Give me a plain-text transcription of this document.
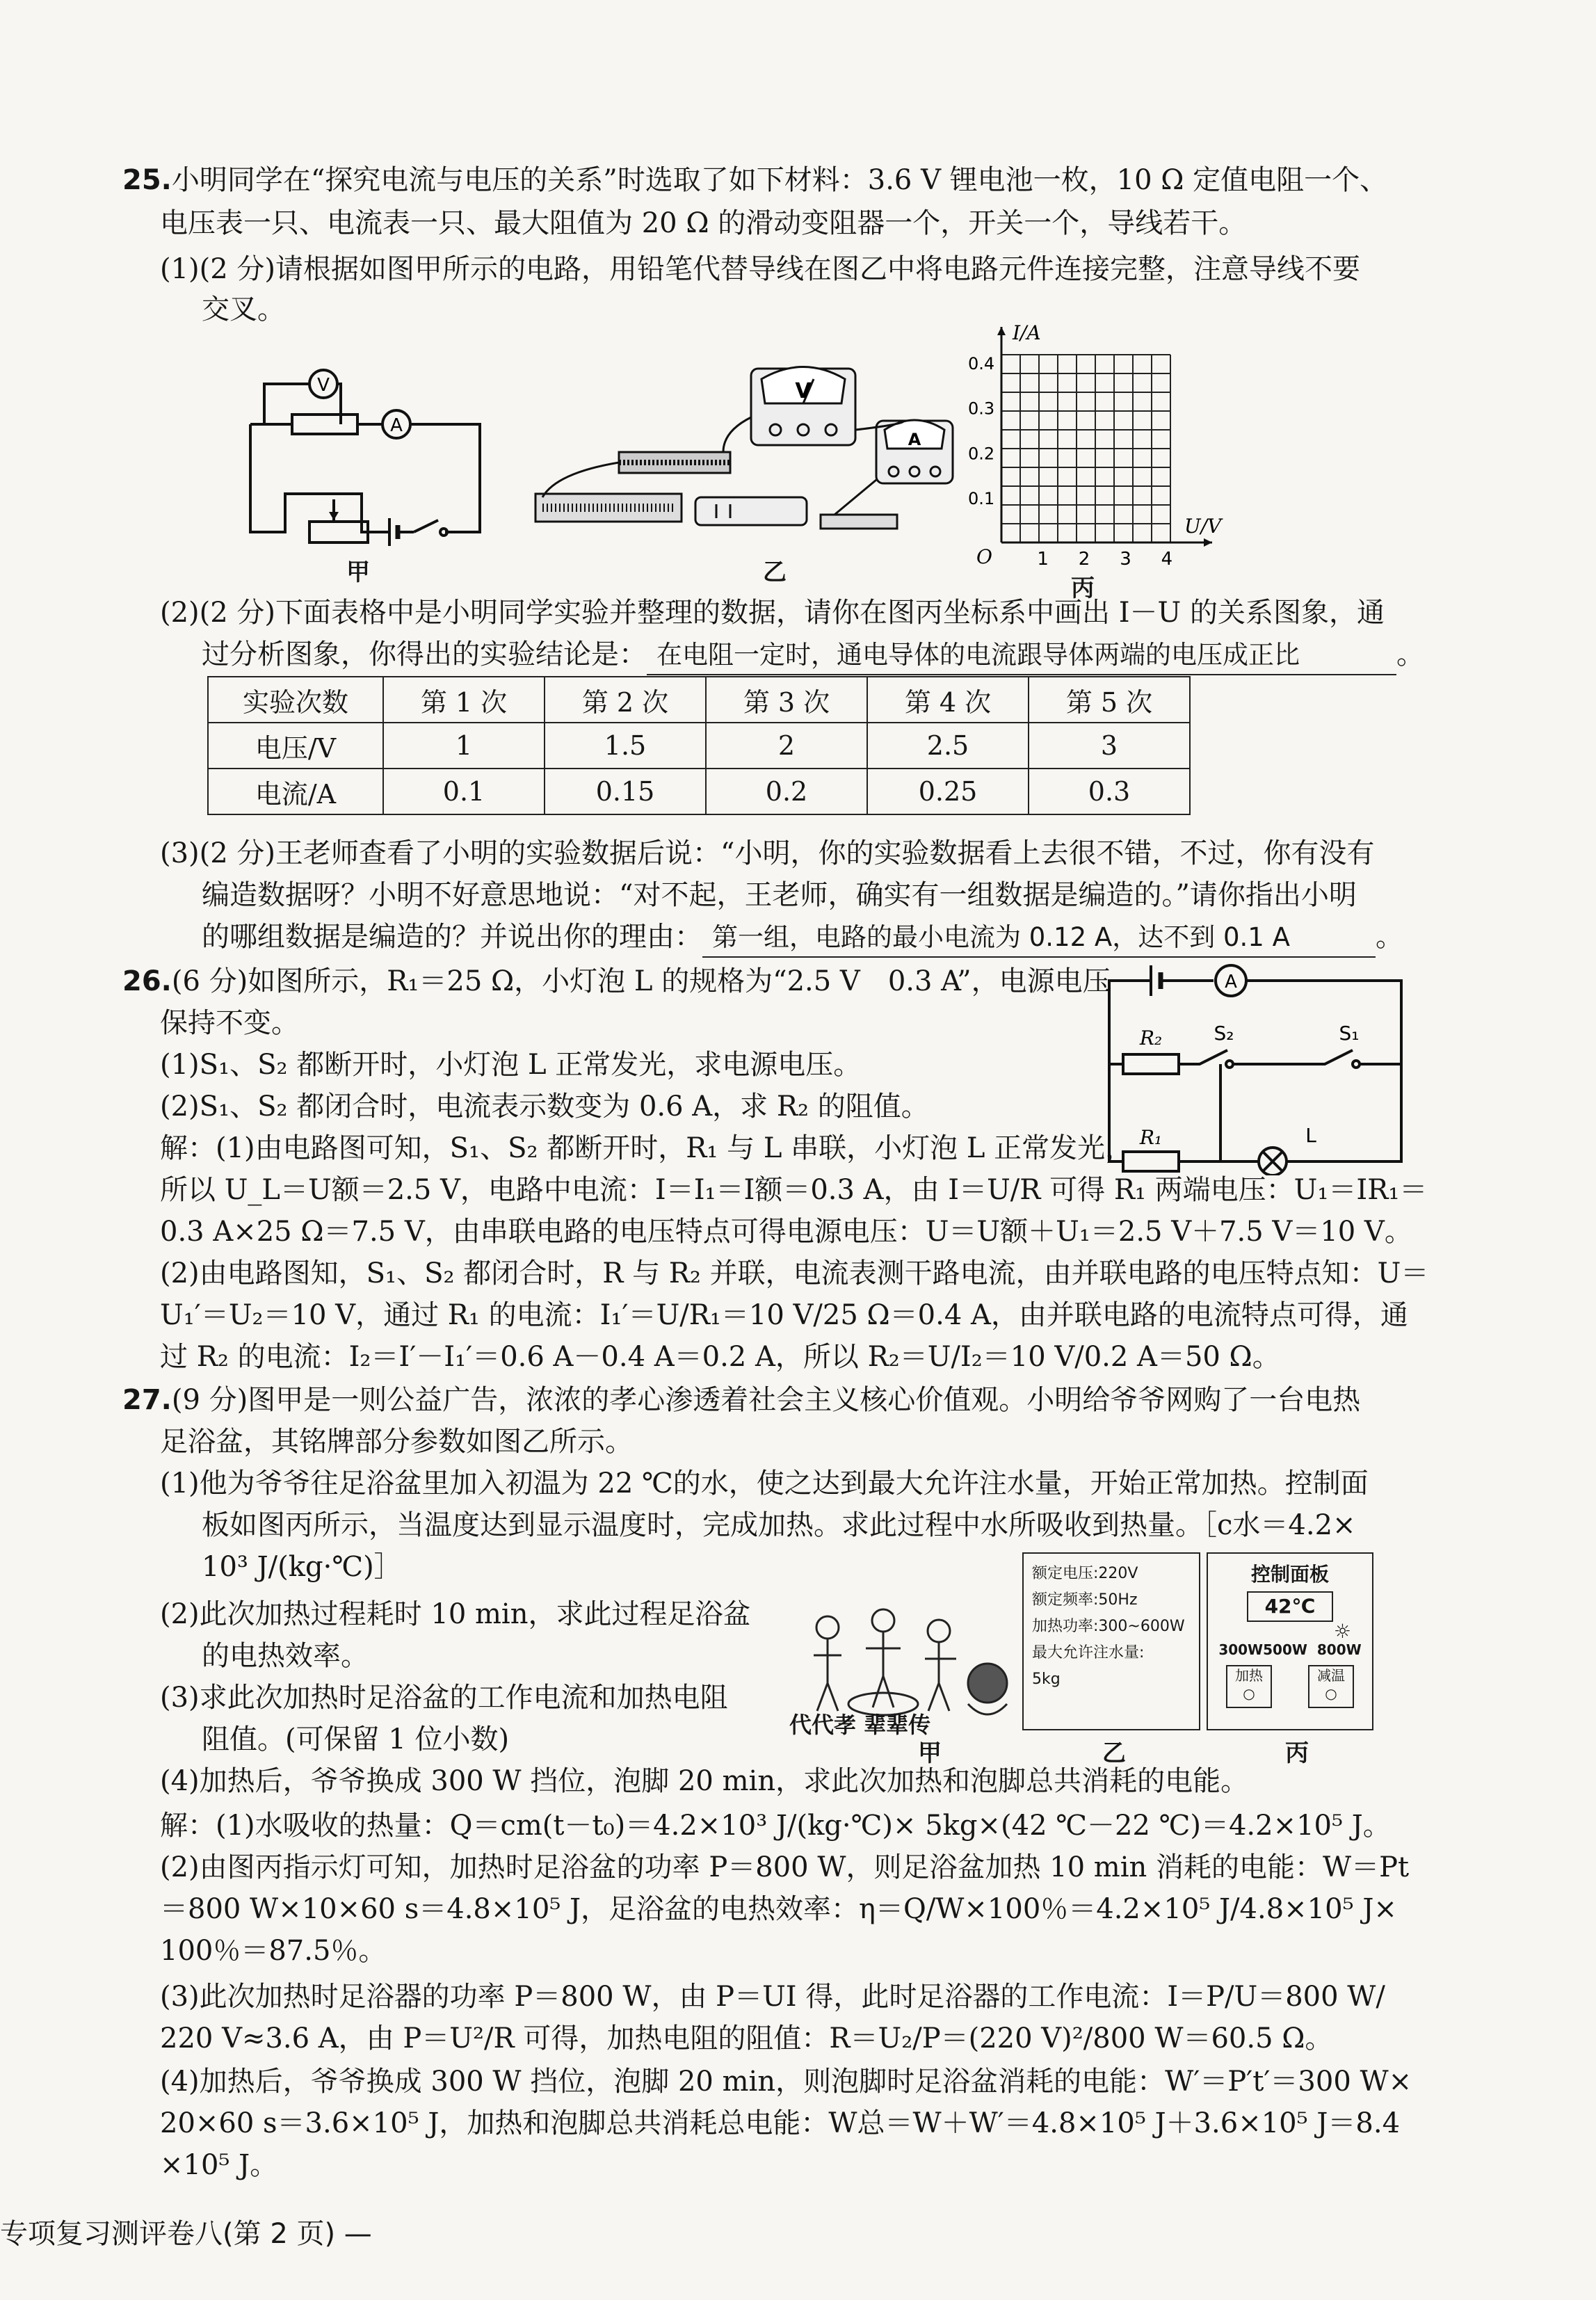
25.小明同学在“探究电流与电压的关系”时选取了如下材料：3.6 V 锂电池一枚，10 Ω 定值电阻一个、
电压表一只、电流表一只、最大阻值为 20 Ω 的滑动变阻器一个，开关一个，导线若干。
(1)(2 分)请根据如图甲所示的电路，用铅笔代替导线在图乙中将电路元件连接完整，注意导线不要
交叉。
V
A
甲
V
A
乙
I/A
U/V
O
0.4
0.3
0.2
0.1
1 2 3 4
丙
(2)(2 分)下面表格中是小明同学实验并整理的数据，请你在图丙坐标系中画出 I－U 的关系图象，通
过分析图象，你得出的实验结论是： 在电阻一定时，通电导体的电流跟导体两端的电压成正比	。
实验次数	第 1 次	第 2 次	第 3 次	第 4 次	第 5 次
电压/V	1	1.5	2	2.5	3
电流/A	0.1	0.15	0.2	0.25	0.3
(3)(2 分)王老师查看了小明的实验数据后说：“小明，你的实验数据看上去很不错，不过，你有没有
编造数据呀？小明不好意思地说：“对不起，王老师，确实有一组数据是编造的。”请你指出小明
的哪组数据是编造的？并说出你的理由： 第一组，电路的最小电流为 0.12 A，达不到 0.1 A	。
26.(6 分)如图所示，R₁＝25 Ω，小灯泡 L 的规格为“2.5 V　0.3 A”，电源电压
保持不变。
(1)S₁、S₂ 都断开时，小灯泡 L 正常发光，求电源电压。
(2)S₁、S₂ 都闭合时，电流表示数变为 0.6 A，求 R₂ 的阻值。
解：(1)由电路图可知，S₁、S₂ 都断开时，R₁ 与 L 串联，小灯泡 L 正常发光，
A
R₂	S₂	S₁
R₁	L
所以 U_L＝U额＝2.5 V，电路中电流：I＝I₁＝I额＝0.3 A，由 I＝U/R 可得 R₁ 两端电压：U₁＝IR₁＝
0.3 A×25 Ω＝7.5 V，由串联电路的电压特点可得电源电压：U＝U额＋U₁＝2.5 V＋7.5 V＝10 V。
(2)由电路图知，S₁、S₂ 都闭合时，R 与 R₂ 并联，电流表测干路电流，由并联电路的电压特点知：U＝
U₁′＝U₂＝10 V，通过 R₁ 的电流：I₁′＝U/R₁＝10 V/25 Ω＝0.4 A，由并联电路的电流特点可得，通
过 R₂ 的电流：I₂＝I′－I₁′＝0.6 A－0.4 A＝0.2 A，所以 R₂＝U/I₂＝10 V/0.2 A＝50 Ω。
27.(9 分)图甲是一则公益广告，浓浓的孝心渗透着社会主义核心价值观。小明给爷爷网购了一台电热
足浴盆，其铭牌部分参数如图乙所示。
(1)他为爷爷往足浴盆里加入初温为 22 ℃的水，使之达到最大允许注水量，开始正常加热。控制面
板如图丙所示，当温度达到显示温度时，完成加热。求此过程中水所吸收到热量。［c水＝4.2×
10³ J/(kg·℃)］
(2)此次加热过程耗时 10 min，求此过程足浴盆
的电热效率。
(3)求此次加热时足浴盆的工作电流和加热电阻
阻值。(可保留 1 位小数)	代代孝 辈辈传
甲
额定电压:220V
额定频率:50Hz
加热功率:300~600W
最大允许注水量:
5kg
乙
控制面板
42℃
☼
300W500W  800W
加热
○
减温
○
丙
(4)加热后，爷爷换成 300 W 挡位，泡脚 20 min，求此次加热和泡脚总共消耗的电能。
解：(1)水吸收的热量：Q＝cm(t－t₀)＝4.2×10³ J/(kg·℃)× 5kg×(42 ℃－22 ℃)＝4.2×10⁵ J。
(2)由图丙指示灯可知，加热时足浴盆的功率 P＝800 W，则足浴盆加热 10 min 消耗的电能：W＝Pt
＝800 W×10×60 s＝4.8×10⁵ J，足浴盆的电热效率：η＝Q/W×100％＝4.2×10⁵ J/4.8×10⁵ J×
100％＝87.5％。
(3)此次加热时足浴器的功率 P＝800 W，由 P＝UI 得，此时足浴器的工作电流：I＝P/U＝800 W/
220 V≈3.6 A，由 P＝U²/R 可得，加热电阻的阻值：R＝U₂/P＝(220 V)²/800 W＝60.5 Ω。
(4)加热后，爷爷换成 300 W 挡位，泡脚 20 min，则泡脚时足浴盆消耗的电能：W′＝P′t′＝300 W×
20×60 s＝3.6×10⁵ J，加热和泡脚总共消耗总电能：W总＝W＋W′＝4.8×10⁵ J＋3.6×10⁵ J＝8.4
×10⁵ J。
专项复习测评卷八(第 2 页) —
